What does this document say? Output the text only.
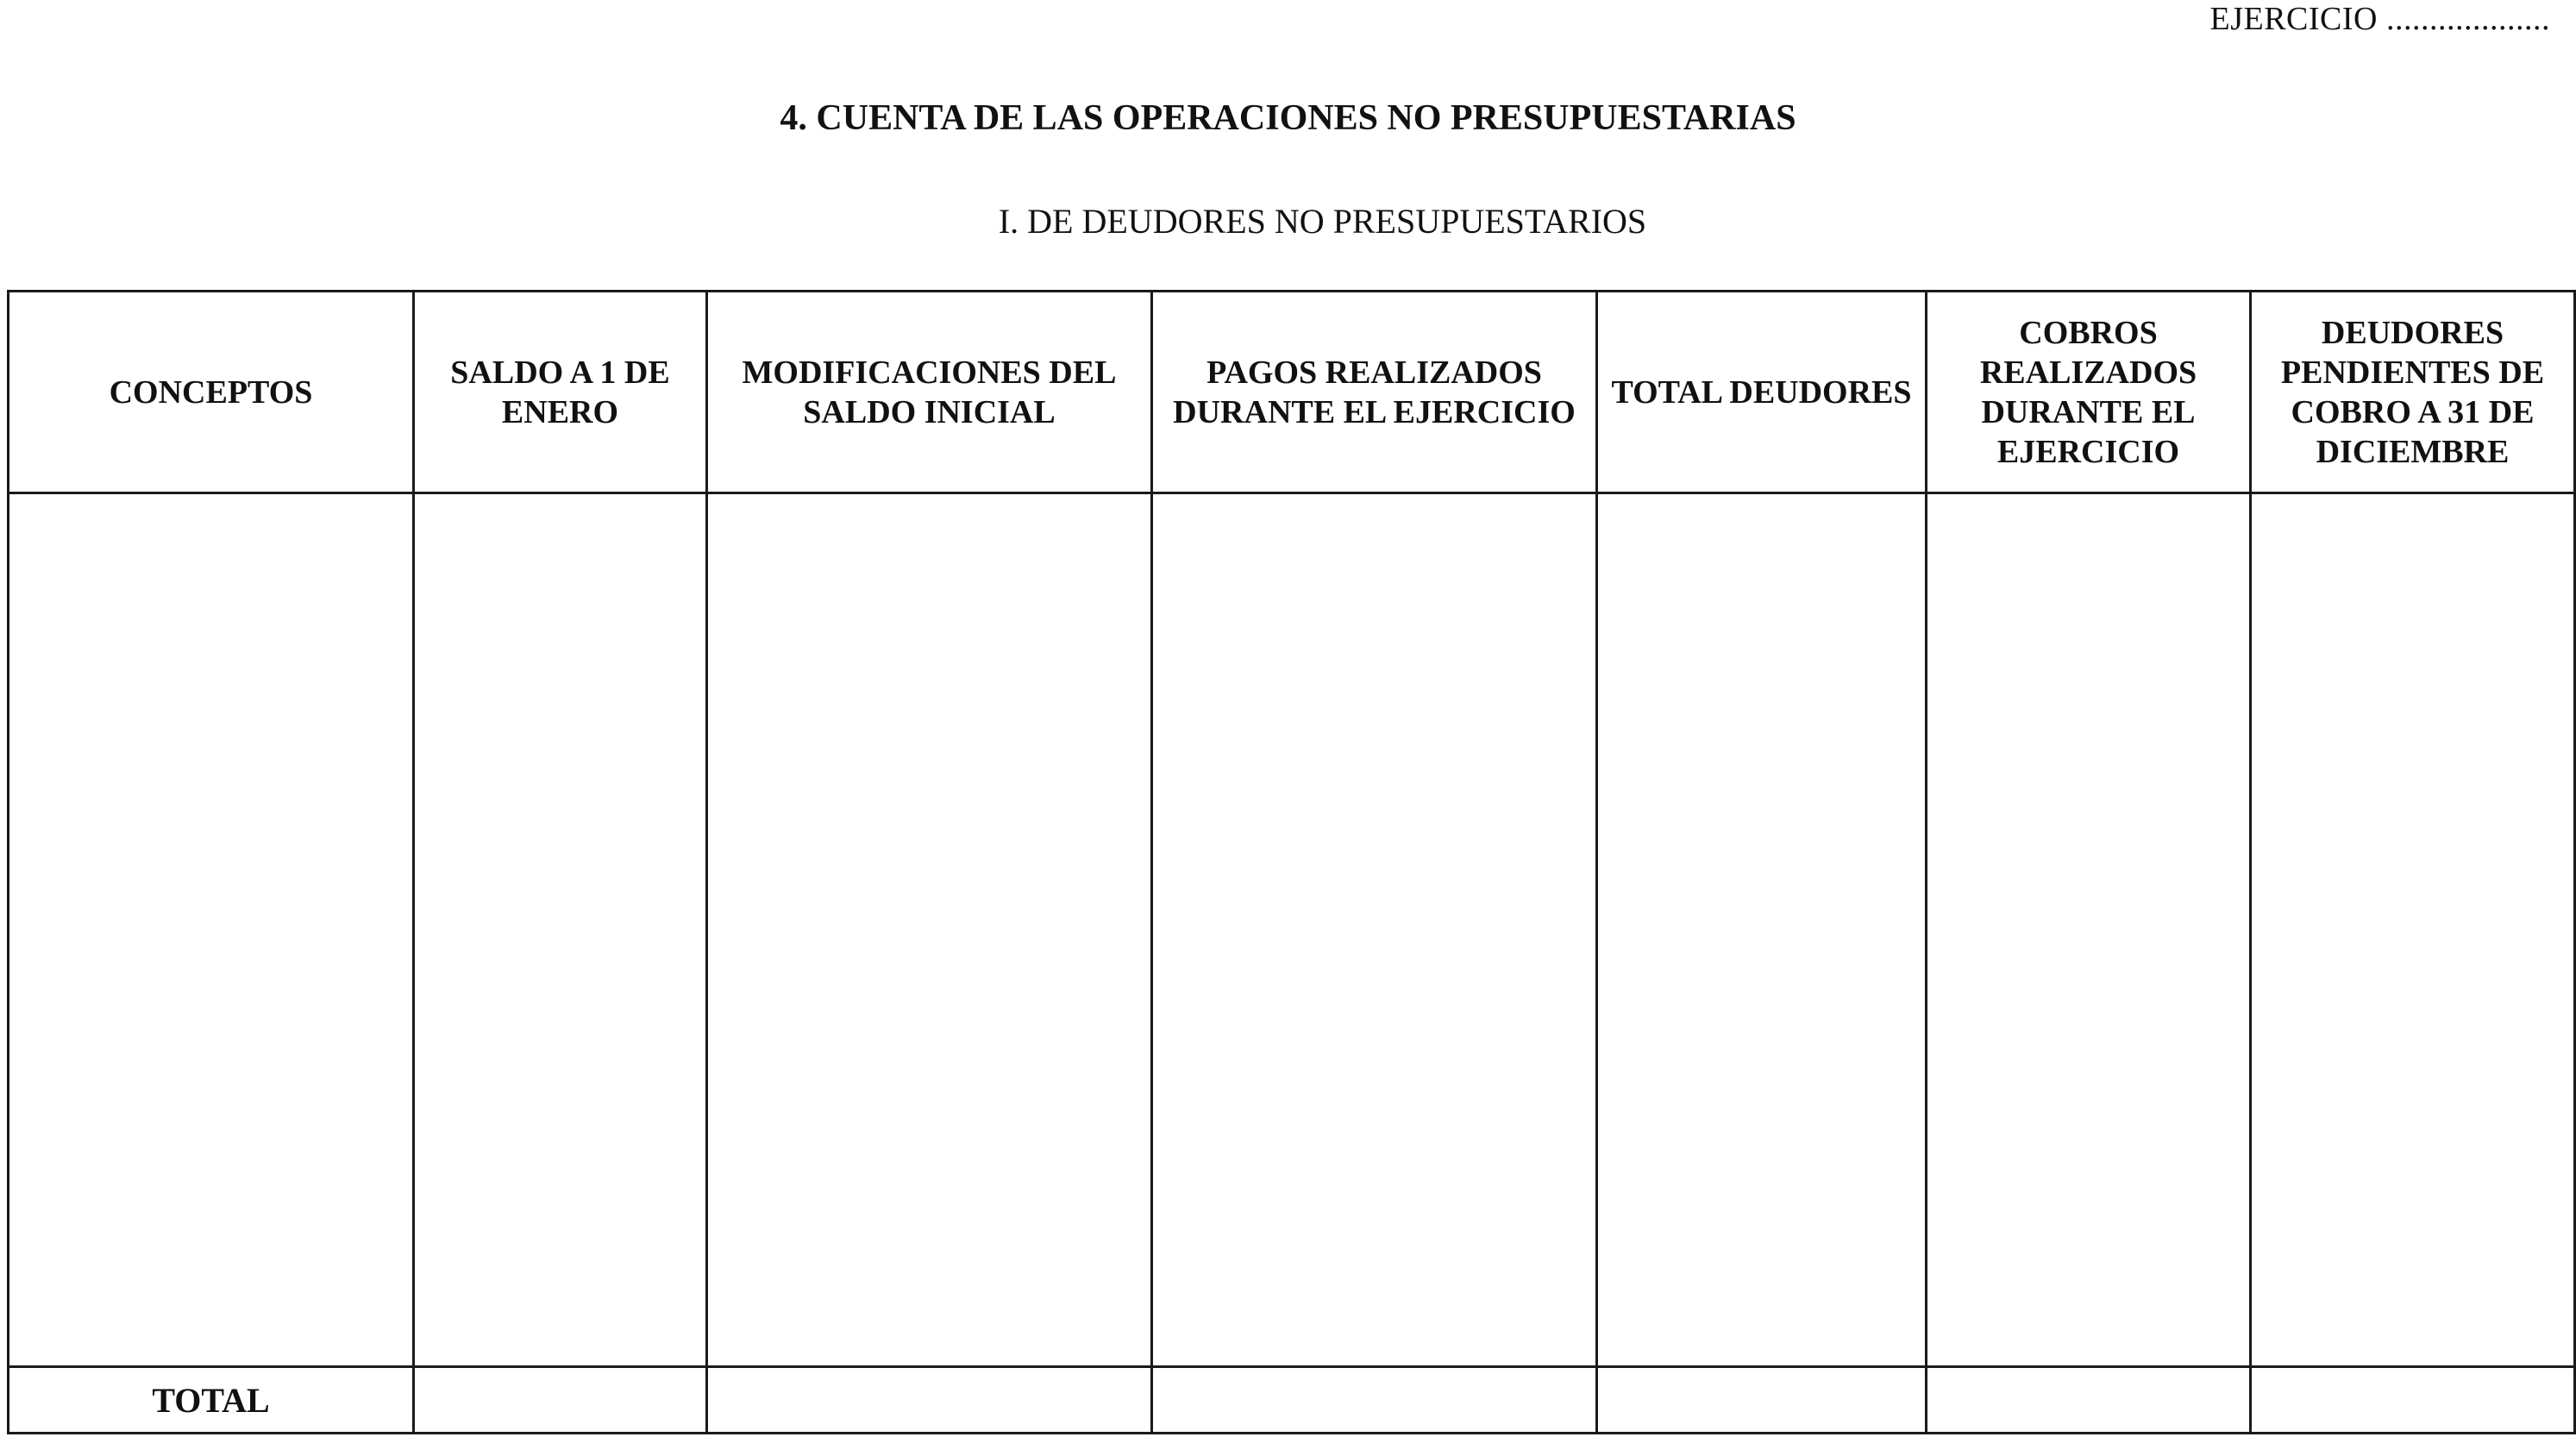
EJERCICIO ...................
4. CUENTA DE LAS OPERACIONES NO PRESUPUESTARIAS
I. DE DEUDORES NO PRESUPUESTARIOS
CONCEPTOS	SALDO A 1 DE ENERO	MODIFICACIONES DEL SALDO INICIAL	PAGOS REALIZADOS DURANTE EL EJERCICIO	TOTAL DEUDORES	COBROS REALIZADOS DURANTE EL EJERCICIO	DEUDORES PENDIENTES DE COBRO A 31 DE DICIEMBRE

TOTAL						
